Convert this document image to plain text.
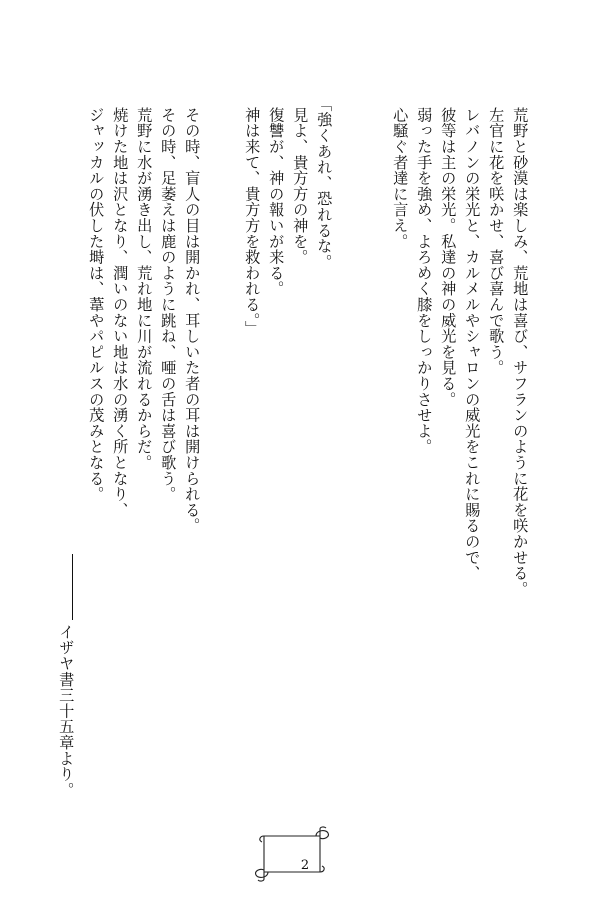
荒野と砂漠は楽しみ、荒地は喜び、サフランのように花を咲かせる。

左官に花を咲かせ、喜び喜んで歌う。

レバノンの栄光と、カルメルやシャロンの威光をこれに賜るので、

彼等は主の栄光。私達の神の威光を見る。

弱った手を強め、よろめく膝をしっかりさせよ。

心騒ぐ者達に言え。

「強くあれ、恐れるな。

見よ、貴方方の神を。

復讐が、神の報いが来る。

神は来て、貴方方を救われる。」

その時、盲人の目は開かれ、耳しいた者の耳は開けられる。

その時、足萎えは鹿のように跳ね、唖の舌は喜び歌う。

荒野に水が湧き出し、荒れ地に川が流れるからだ。

焼けた地は沢となり、潤いのない地は水の湧く所となり、

ジャッカルの伏した塒は、葦やパピルスの茂みとなる。

イザヤ書三十五章より。
2
